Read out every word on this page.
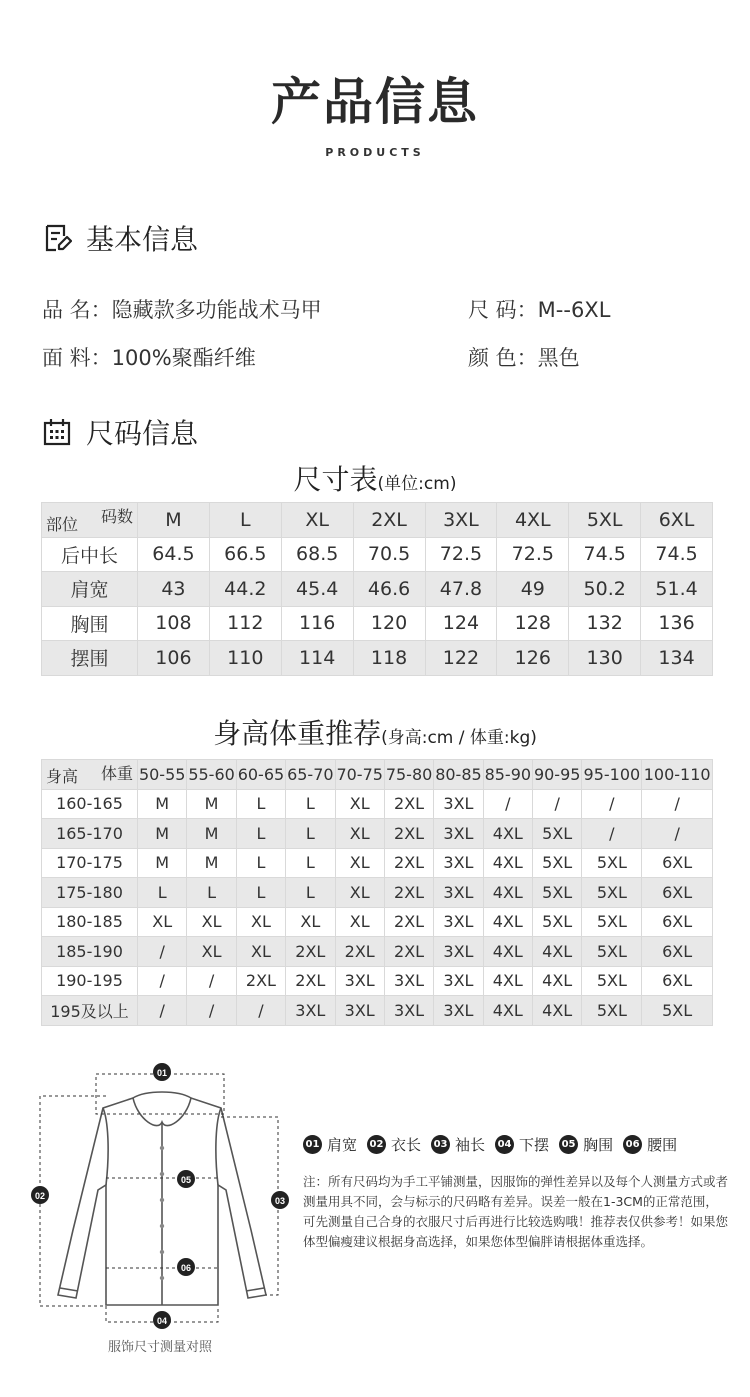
产品信息
PRODUCTS
基本信息
品 名：隐藏款多功能战术马甲	尺 码：M--6XL
面 料：100%聚酯纤维	颜 色：黑色
尺码信息
尺寸表(单位:cm)
码数
部位	M	L	XL	2XL	3XL	4XL	5XL	6XL
后中长	64.5	66.5	68.5	70.5	72.5	72.5	74.5	74.5
肩宽	43	44.2	45.4	46.6	47.8	49	50.2	51.4
胸围	108	112	116	120	124	128	132	136
摆围	106	110	114	118	122	126	130	134
身高体重推荐(身高:cm / 体重:kg)
体重
身高	50-55	55-60	60-65	65-70	70-75	75-80	80-85	85-90	90-95	95-100	100-110
160-165	M	M	L	L	XL	2XL	3XL	/	/	/	/
165-170	M	M	L	L	XL	2XL	3XL	4XL	5XL	/	/
170-175	M	M	L	L	XL	2XL	3XL	4XL	5XL	5XL	6XL
175-180	L	L	L	L	XL	2XL	3XL	4XL	5XL	5XL	6XL
180-185	XL	XL	XL	XL	XL	2XL	3XL	4XL	5XL	5XL	6XL
185-190	/	XL	XL	2XL	2XL	2XL	3XL	4XL	4XL	5XL	6XL
190-195	/	/	2XL	2XL	3XL	3XL	3XL	4XL	4XL	5XL	6XL
195及以上	/	/	/	3XL	3XL	3XL	3XL	4XL	4XL	5XL	5XL
01
02	03
04
05
06
服饰尺寸测量对照
01 肩宽 02 衣长 03 袖长 04 下摆 05 胸围 06 腰围
注：所有尺码均为手工平铺测量，因服饰的弹性差异以及每个人测量方式或者测量用具不同，会与标示的尺码略有差异。误差一般在1-3CM的正常范围，可先测量自己合身的衣服尺寸后再进行比较选购哦！推荐表仅供参考！如果您体型偏瘦建议根据身高选择，如果您体型偏胖请根据体重选择。
